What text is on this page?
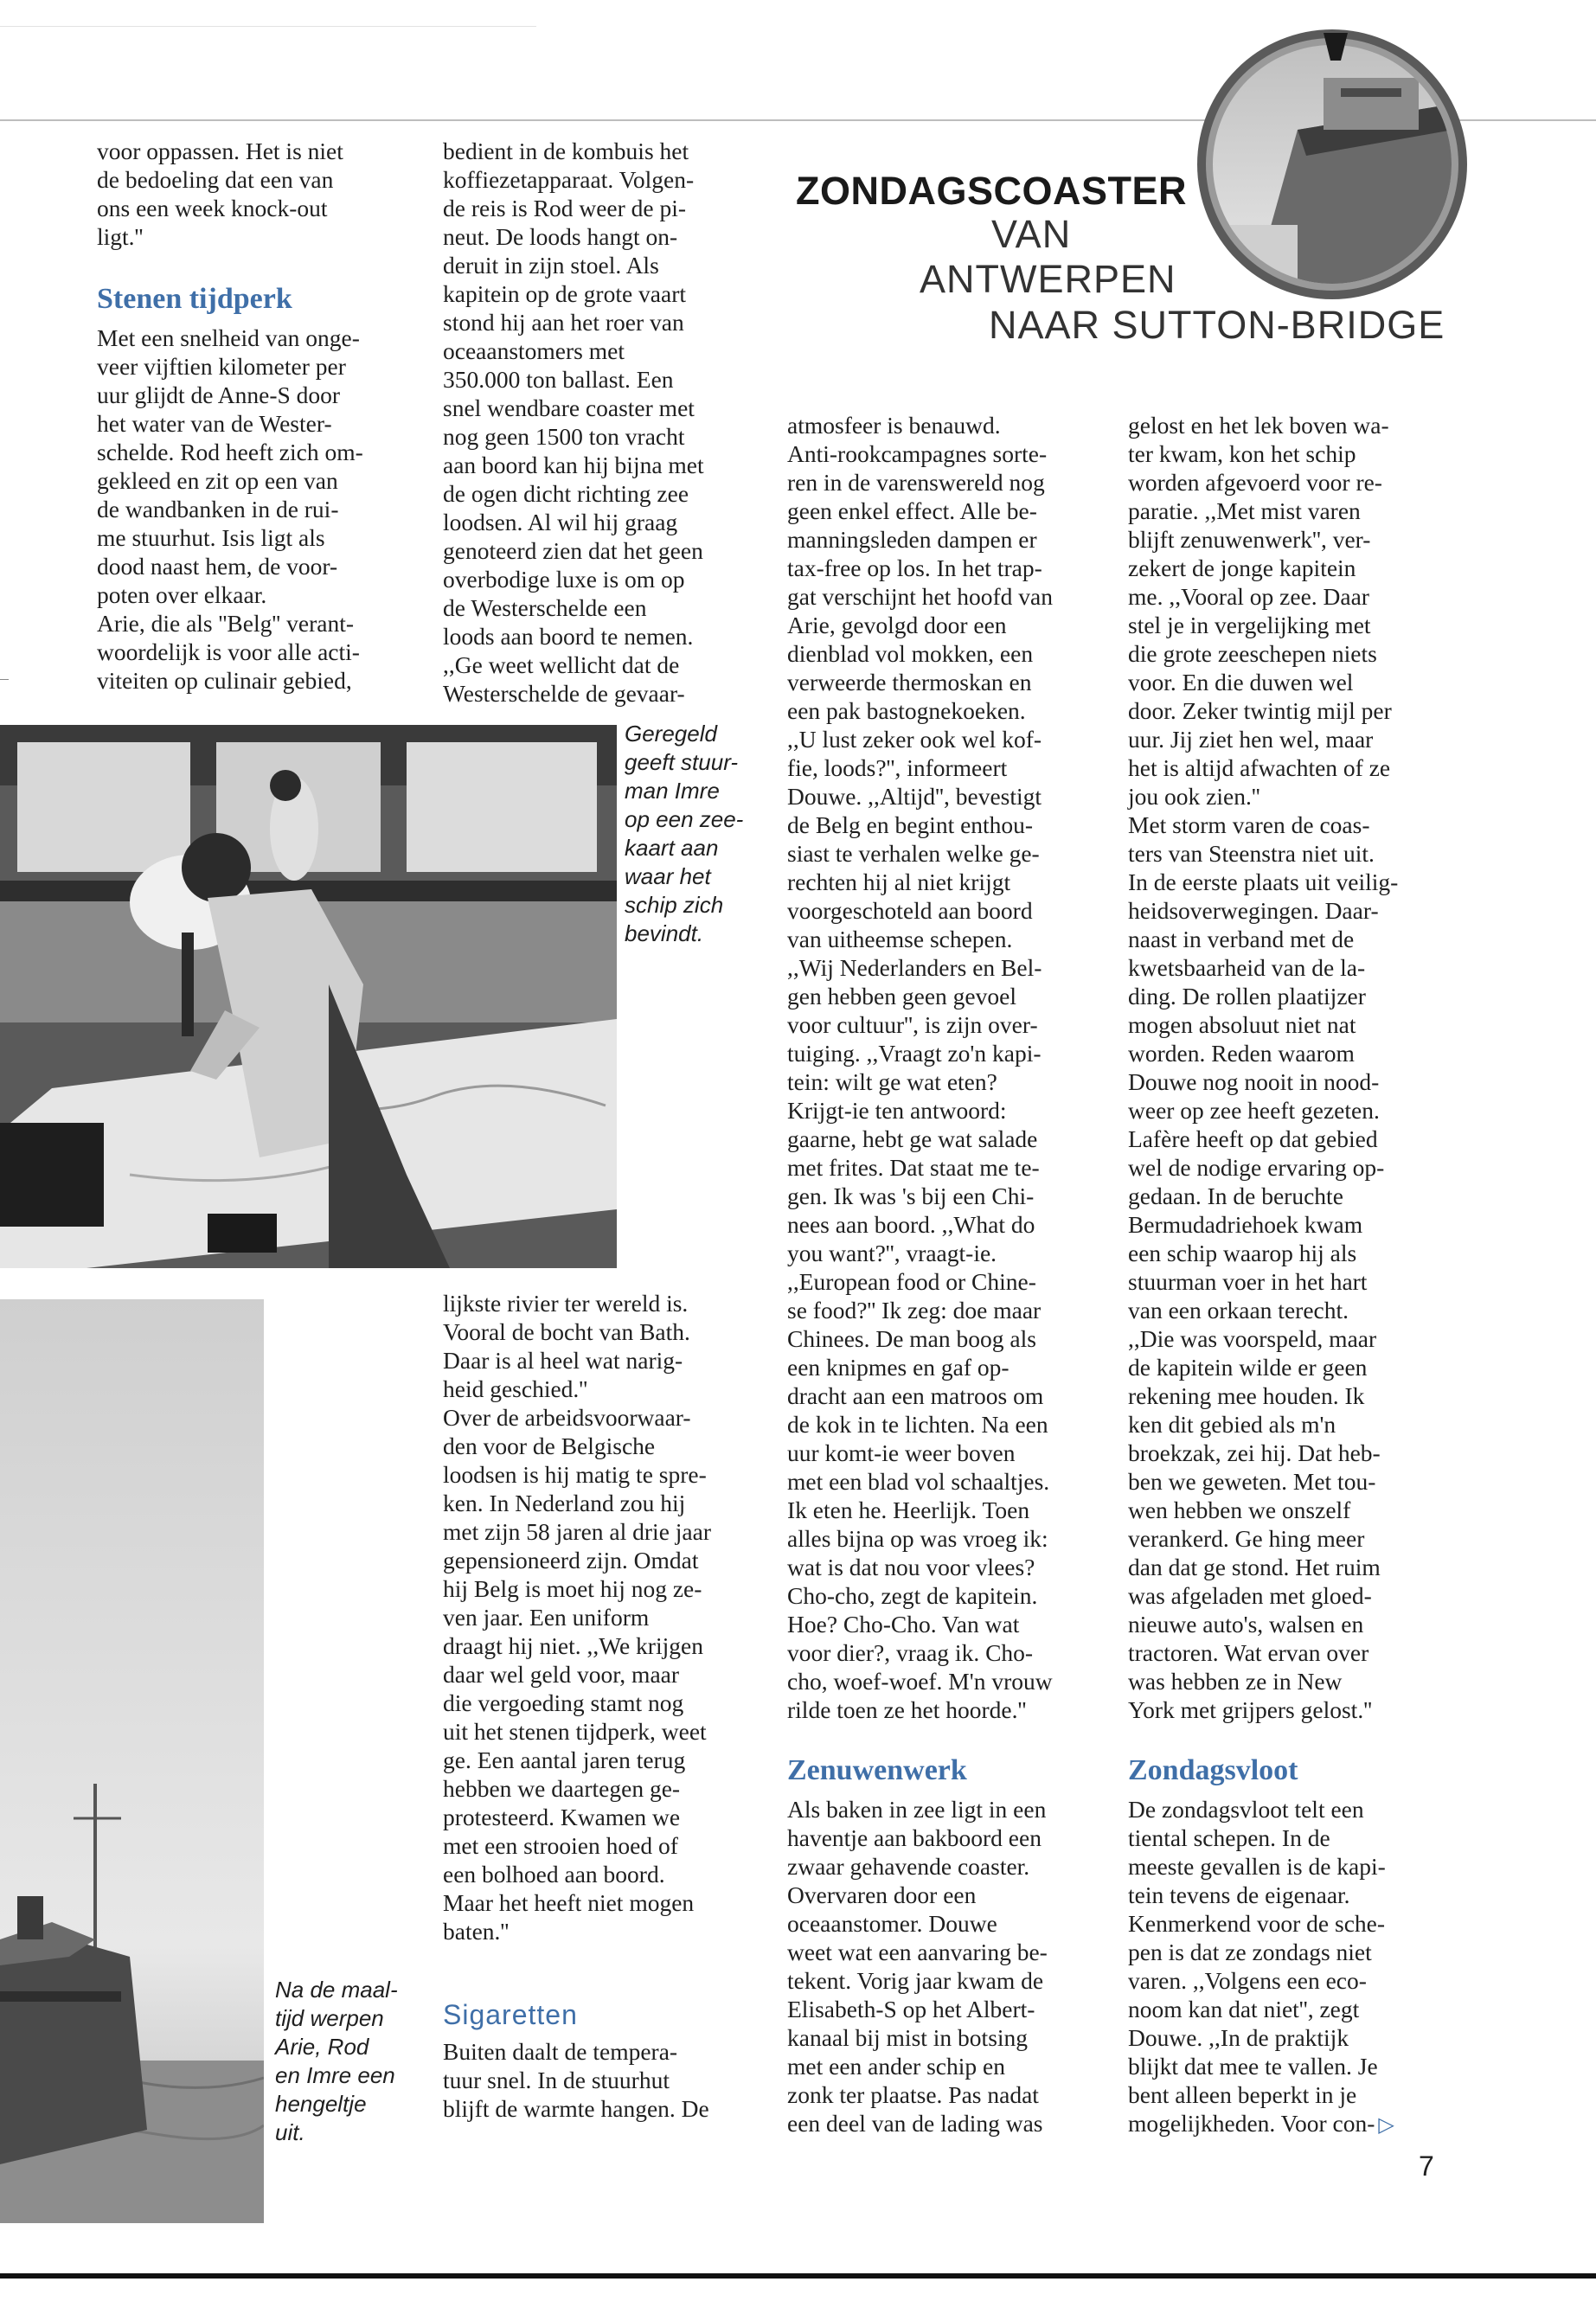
ZONDAGSCOASTER
VAN
ANTWERPEN
NAAR SUTTON-BRIDGE

voor oppassen. Het is niet

de bedoeling dat een van

ons een week knock-out

ligt.''

Stenen tijdperk

Met een snelheid van onge-

veer vijftien kilometer per

uur glijdt de Anne-S door

het water van de Wester-

schelde. Rod heeft zich om-

gekleed en zit op een van

de wandbanken in de rui-

me stuurhut. Isis ligt als

dood naast hem, de voor-

poten over elkaar.

Arie, die als ''Belg'' verant-

woordelijk is voor alle acti-

viteiten op culinair gebied,

bedient in de kombuis het

koffiezetapparaat. Volgen-

de reis is Rod weer de pi-

neut. De loods hangt on-

deruit in zijn stoel. Als

kapitein op de grote vaart

stond hij aan het roer van

oceaanstomers met

350.000 ton ballast. Een

snel wendbare coaster met

nog geen 1500 ton vracht

aan boord kan hij bijna met

de ogen dicht richting zee

loodsen. Al wil hij graag

genoteerd zien dat het geen

overbodige luxe is om op

de Westerschelde een

loods aan boord te nemen.

,,Ge weet wellicht dat de

Westerschelde de gevaar-

Geregeld
geeft stuur-
man Imre
op een zee-
kaart aan
waar het
schip zich
bevindt.

lijkste rivier ter wereld is.

Vooral de bocht van Bath.

Daar is al heel wat narig-

heid geschied.''

Over de arbeidsvoorwaar-

den voor de Belgische

loodsen is hij matig te spre-

ken. In Nederland zou hij

met zijn 58 jaren al drie jaar

gepensioneerd zijn. Omdat

hij Belg is moet hij nog ze-

ven jaar. Een uniform

draagt hij niet. ,,We krijgen

daar wel geld voor, maar

die vergoeding stamt nog

uit het stenen tijdperk, weet

ge. Een aantal jaren terug

hebben we daartegen ge-

protesteerd. Kwamen we

met een strooien hoed of

een bolhoed aan boord.

Maar het heeft niet mogen

baten.''

Sigaretten

Buiten daalt de tempera-

tuur snel. In de stuurhut

blijft de warmte hangen. De

Na de maal-
tijd werpen
Arie, Rod
en Imre een
hengeltje
uit.

atmosfeer is benauwd.

Anti-rookcampagnes sorte-

ren in de varenswereld nog

geen enkel effect. Alle be-

manningsleden dampen er

tax-free op los. In het trap-

gat verschijnt het hoofd van

Arie, gevolgd door een

dienblad vol mokken, een

verweerde thermoskan en

een pak bastognekoeken.

,,U lust zeker ook wel kof-

fie, loods?'', informeert

Douwe. ,,Altijd'', bevestigt

de Belg en begint enthou-

siast te verhalen welke ge-

rechten hij al niet krijgt

voorgeschoteld aan boord

van uitheemse schepen.

,,Wij Nederlanders en Bel-

gen hebben geen gevoel

voor cultuur'', is zijn over-

tuiging. ,,Vraagt zo'n kapi-

tein: wilt ge wat eten?

Krijgt-ie ten antwoord:

gaarne, hebt ge wat salade

met frites. Dat staat me te-

gen. Ik was 's bij een Chi-

nees aan boord. ,,What do

you want?'', vraagt-ie.

,,European food or Chine-

se food?'' Ik zeg: doe maar

Chinees. De man boog als

een knipmes en gaf op-

dracht aan een matroos om

de kok in te lichten. Na een

uur komt-ie weer boven

met een blad vol schaaltjes.

Ik eten he. Heerlijk. Toen

alles bijna op was vroeg ik:

wat is dat nou voor vlees?

Cho-cho, zegt de kapitein.

Hoe? Cho-Cho. Van wat

voor dier?, vraag ik. Cho-

cho, woef-woef. M'n vrouw

rilde toen ze het hoorde.''

Zenuwenwerk

Als baken in zee ligt in een

haventje aan bakboord een

zwaar gehavende coaster.

Overvaren door een

oceaanstomer. Douwe

weet wat een aanvaring be-

tekent. Vorig jaar kwam de

Elisabeth-S op het Albert-

kanaal bij mist in botsing

met een ander schip en

zonk ter plaatse. Pas nadat

een deel van de lading was

gelost en het lek boven wa-

ter kwam, kon het schip

worden afgevoerd voor re-

paratie. ,,Met mist varen

blijft zenuwenwerk'', ver-

zekert de jonge kapitein

me. ,,Vooral op zee. Daar

stel je in vergelijking met

die grote zeeschepen niets

voor. En die duwen wel

door. Zeker twintig mijl per

uur. Jij ziet hen wel, maar

het is altijd afwachten of ze

jou ook zien.''

Met storm varen de coas-

ters van Steenstra niet uit.

In de eerste plaats uit veilig-

heidsoverwegingen. Daar-

naast in verband met de

kwetsbaarheid van de la-

ding. De rollen plaatijzer

mogen absoluut niet nat

worden. Reden waarom

Douwe nog nooit in nood-

weer op zee heeft gezeten.

Lafère heeft op dat gebied

wel de nodige ervaring op-

gedaan. In de beruchte

Bermudadriehoek kwam

een schip waarop hij als

stuurman voer in het hart

van een orkaan terecht.

,,Die was voorspeld, maar

de kapitein wilde er geen

rekening mee houden. Ik

ken dit gebied als m'n

broekzak, zei hij. Dat heb-

ben we geweten. Met tou-

wen hebben we onszelf

verankerd. Ge hing meer

dan dat ge stond. Het ruim

was afgeladen met gloed-

nieuwe auto's, walsen en

tractoren. Wat ervan over

was hebben ze in New

York met grijpers gelost.''

Zondagsvloot

De zondagsvloot telt een

tiental schepen. In de

meeste gevallen is de kapi-

tein tevens de eigenaar.

Kenmerkend voor de sche-

pen is dat ze zondags niet

varen. ,,Volgens een eco-

noom kan dat niet'', zegt

Douwe. ,,In de praktijk

blijkt dat mee te vallen. Je

bent alleen beperkt in je

mogelijkheden. Voor con- ▷

7
